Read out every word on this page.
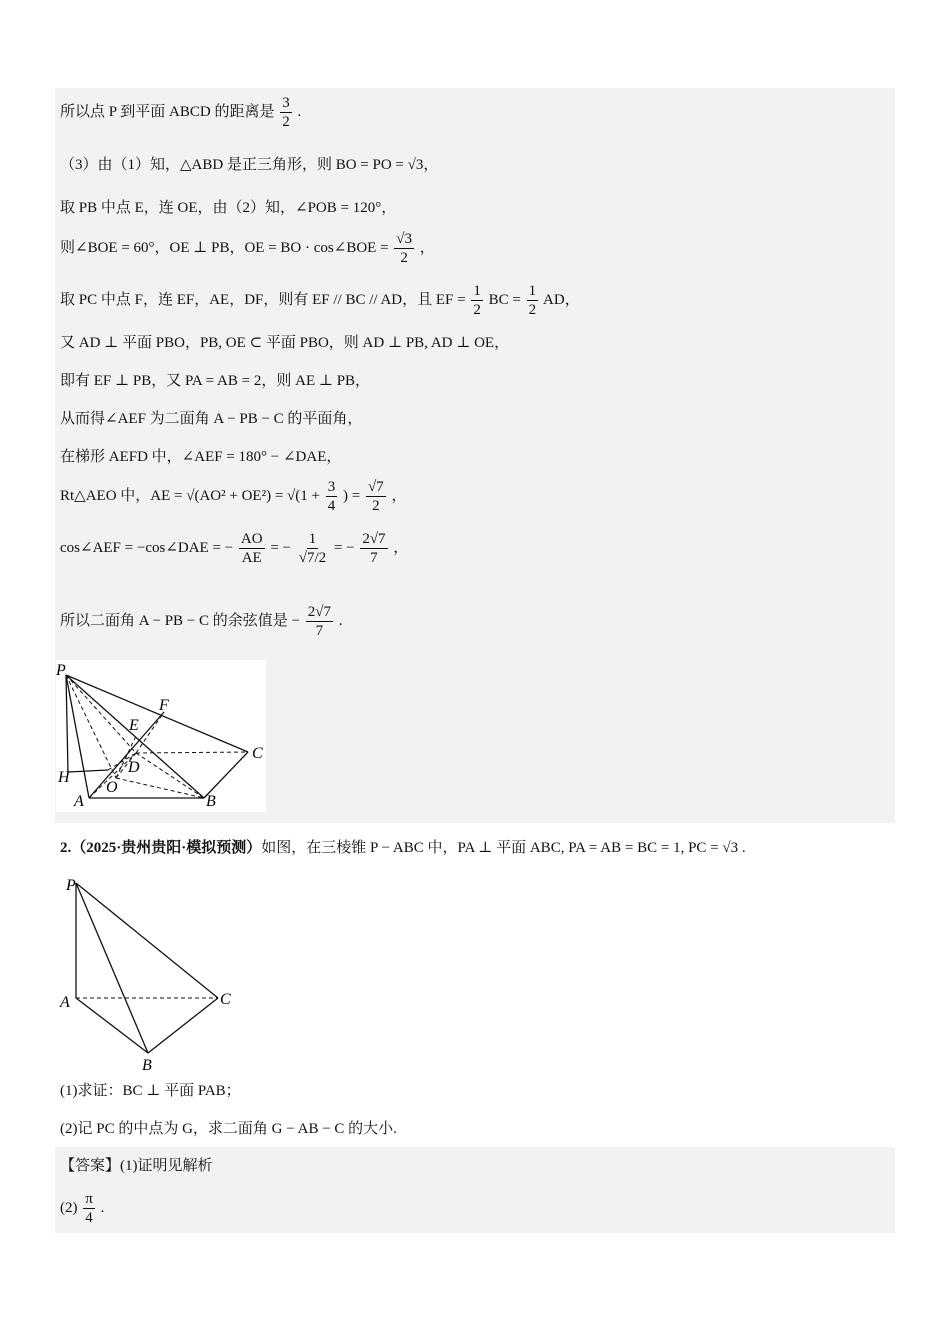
所以点 P 到平面 ABCD 的距离是 $\frac{3}{2}$ .
（3）由（1）知，△ABD 是正三角形，则 BO = PO = √3，
取 PB 中点 E，连 OE，由（2）知，∠POB = 120°，
则∠BOE = 60°，OE ⊥ PB，OE = BO · cos∠BOE = $\frac{√3}{2}$ ，
取 PC 中点 F，连 EF，AE，DF，则有 EF // BC // AD，且 EF = $\frac{1}{2}$ BC = $\frac{1}{2}$ AD，
又 AD ⊥ 平面 PBO，PB, OE ⊂ 平面 PBO，则 AD ⊥ PB, AD ⊥ OE，
即有 EF ⊥ PB，又 PA = AB = 2，则 AE ⊥ PB，
从而得∠AEF 为二面角 A − PB − C 的平面角，
在梯形 AEFD 中，∠AEF = 180° − ∠DAE，
Rt△AEO 中，AE = $√(AO^2 + OE^2) = √(1 + \frac{3}{4}$ ) = $\frac{√7}{2}$ ，
cos∠AEF = −cos∠DAE = − $\frac{AO}{AE}$ = − $\frac{1}{√7/2}$ = − $\frac{2√7}{7}$ ，
所以二面角 A − PB − C 的余弦值是 − $\frac{2√7}{7}$ .
P
F
E
C
D
H
O
A	B
2.（2025·贵州贵阳·模拟预测）如图，在三棱锥 P − ABC 中，PA ⊥ 平面 ABC, PA = AB = BC = 1, PC = √3 .
P
A	C
B
(1)求证：BC ⊥ 平面 PAB；
(2)记 PC 的中点为 G，求二面角 G − AB − C 的大小.
【答案】(1)证明见解析
$(2) \frac{\pi}{4}$ .
